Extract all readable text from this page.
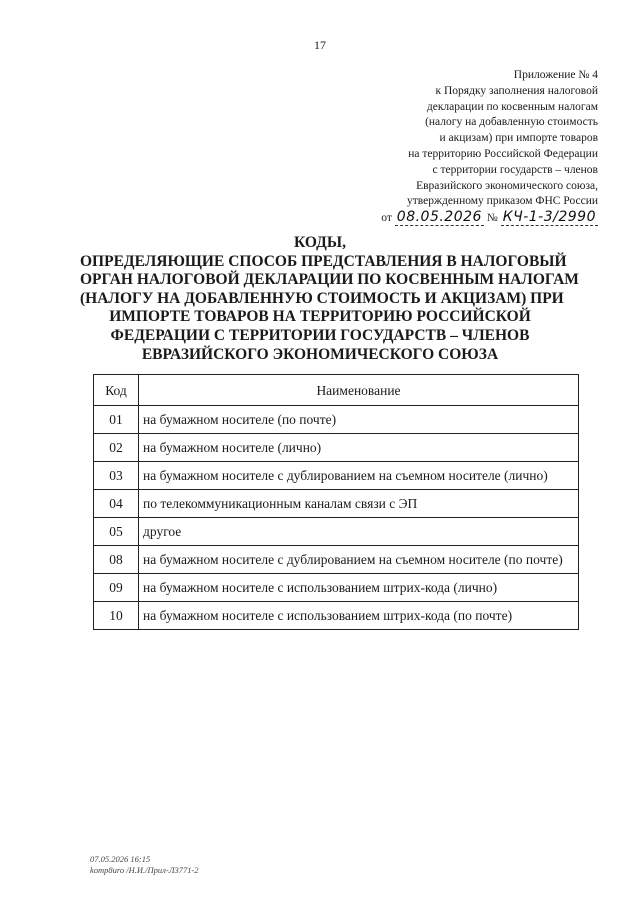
17
Приложение № 4
к Порядку заполнения налоговой
декларации по косвенным налогам
(налогу на добавленную стоимость
и акцизам) при импорте товаров
на территорию Российской Федерации
с территории государств – членов
Евразийского экономического союза,
утвержденному приказом ФНС России
от 08.05.2026 № КЧ-1-3/2990
КОДЫ,
ОПРЕДЕЛЯЮЩИЕ СПОСОБ ПРЕДСТАВЛЕНИЯ В НАЛОГОВЫЙ
ОРГАН НАЛОГОВОЙ ДЕКЛАРАЦИИ ПО КОСВЕННЫМ НАЛОГАМ
(НАЛОГУ НА ДОБАВЛЕННУЮ СТОИМОСТЬ И АКЦИЗАМ) ПРИ
ИМПОРТЕ ТОВАРОВ НА ТЕРРИТОРИЮ РОССИЙСКОЙ
ФЕДЕРАЦИИ С ТЕРРИТОРИИ ГОСУДАРСТВ – ЧЛЕНОВ
ЕВРАЗИЙСКОГО ЭКОНОМИЧЕСКОГО СОЮЗА
Код	Наименование
01	на бумажном носителе (по почте)
02	на бумажном носителе (лично)
03	на бумажном носителе с дублированием на съемном носителе (лично)
04	по телекоммуникационным каналам связи с ЭП
05	другое
08	на бумажном носителе с дублированием на съемном носителе (по почте)
09	на бумажном носителе с использованием штрих-кода (лично)
10	на бумажном носителе с использованием штрих-кода (по почте)
07.05.2026 16:15
komp8uro /Н.И./Прил-Л3771-2
